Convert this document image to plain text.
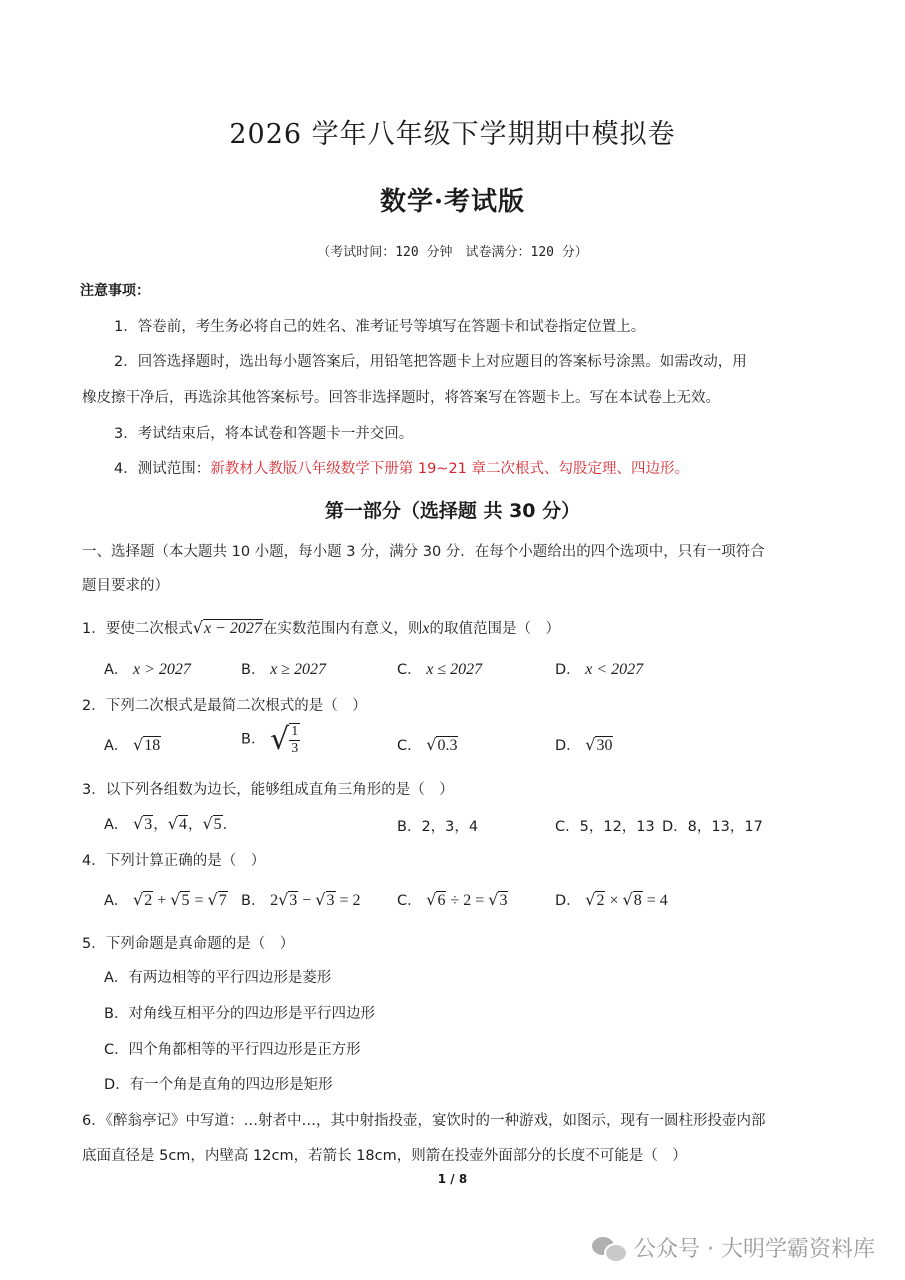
2026 学年八年级下学期期中模拟卷
数学·考试版
（考试时间：120 分钟　试卷满分：120 分）
注意事项：
1．答卷前，考生务必将自己的姓名、准考证号等填写在答题卡和试卷指定位置上。
2．回答选择题时，选出每小题答案后，用铅笔把答题卡上对应题目的答案标号涂黑。如需改动，用
橡皮擦干净后，再选涂其他答案标号。回答非选择题时，将答案写在答题卡上。写在本试卷上无效。
3．考试结束后，将本试卷和答题卡一并交回。
4．测试范围：新教材人教版八年级数学下册第 19~21 章二次根式、勾股定理、四边形。
第一部分（选择题 共 30 分）
一、选择题（本大题共 10 小题，每小题 3 分，满分 30 分．在每个小题给出的四个选项中，只有一项符合
题目要求的）
1．要使二次根式√x − 2027在实数范围内有意义，则x的取值范围是（　）
A． x > 2027	B． x ≥ 2027	C． x ≤ 2027	D． x < 2027
2．下列二次根式是最简二次根式的是（　）
A． √18	B． √ $\frac{1}{3}$	C． √0.3	D． √30
3．以下列各组数为边长，能够组成直角三角形的是（　）
A． √3，√4，√5．	B．2，3，4	C．5，12，13 D．8，13，17
4．下列计算正确的是（　）
A． √2 + √5 = √7 B． 2√3 − √3 = 2	C． √6 ÷ 2 = √3	D． √2 × √8 = 4
5．下列命题是真命题的是（　）
A．有两边相等的平行四边形是菱形
B．对角线互相平分的四边形是平行四边形
C．四个角都相等的平行四边形是正方形
D．有一个角是直角的四边形是矩形
6．《醉翁亭记》中写道：…射者中…，其中射指投壶，宴饮时的一种游戏，如图示，现有一圆柱形投壶内部
底面直径是 5cm，内壁高 12cm，若箭长 18cm，则箭在投壶外面部分的长度不可能是（　）
1 / 8
公众号 · 大明学霸资料库
